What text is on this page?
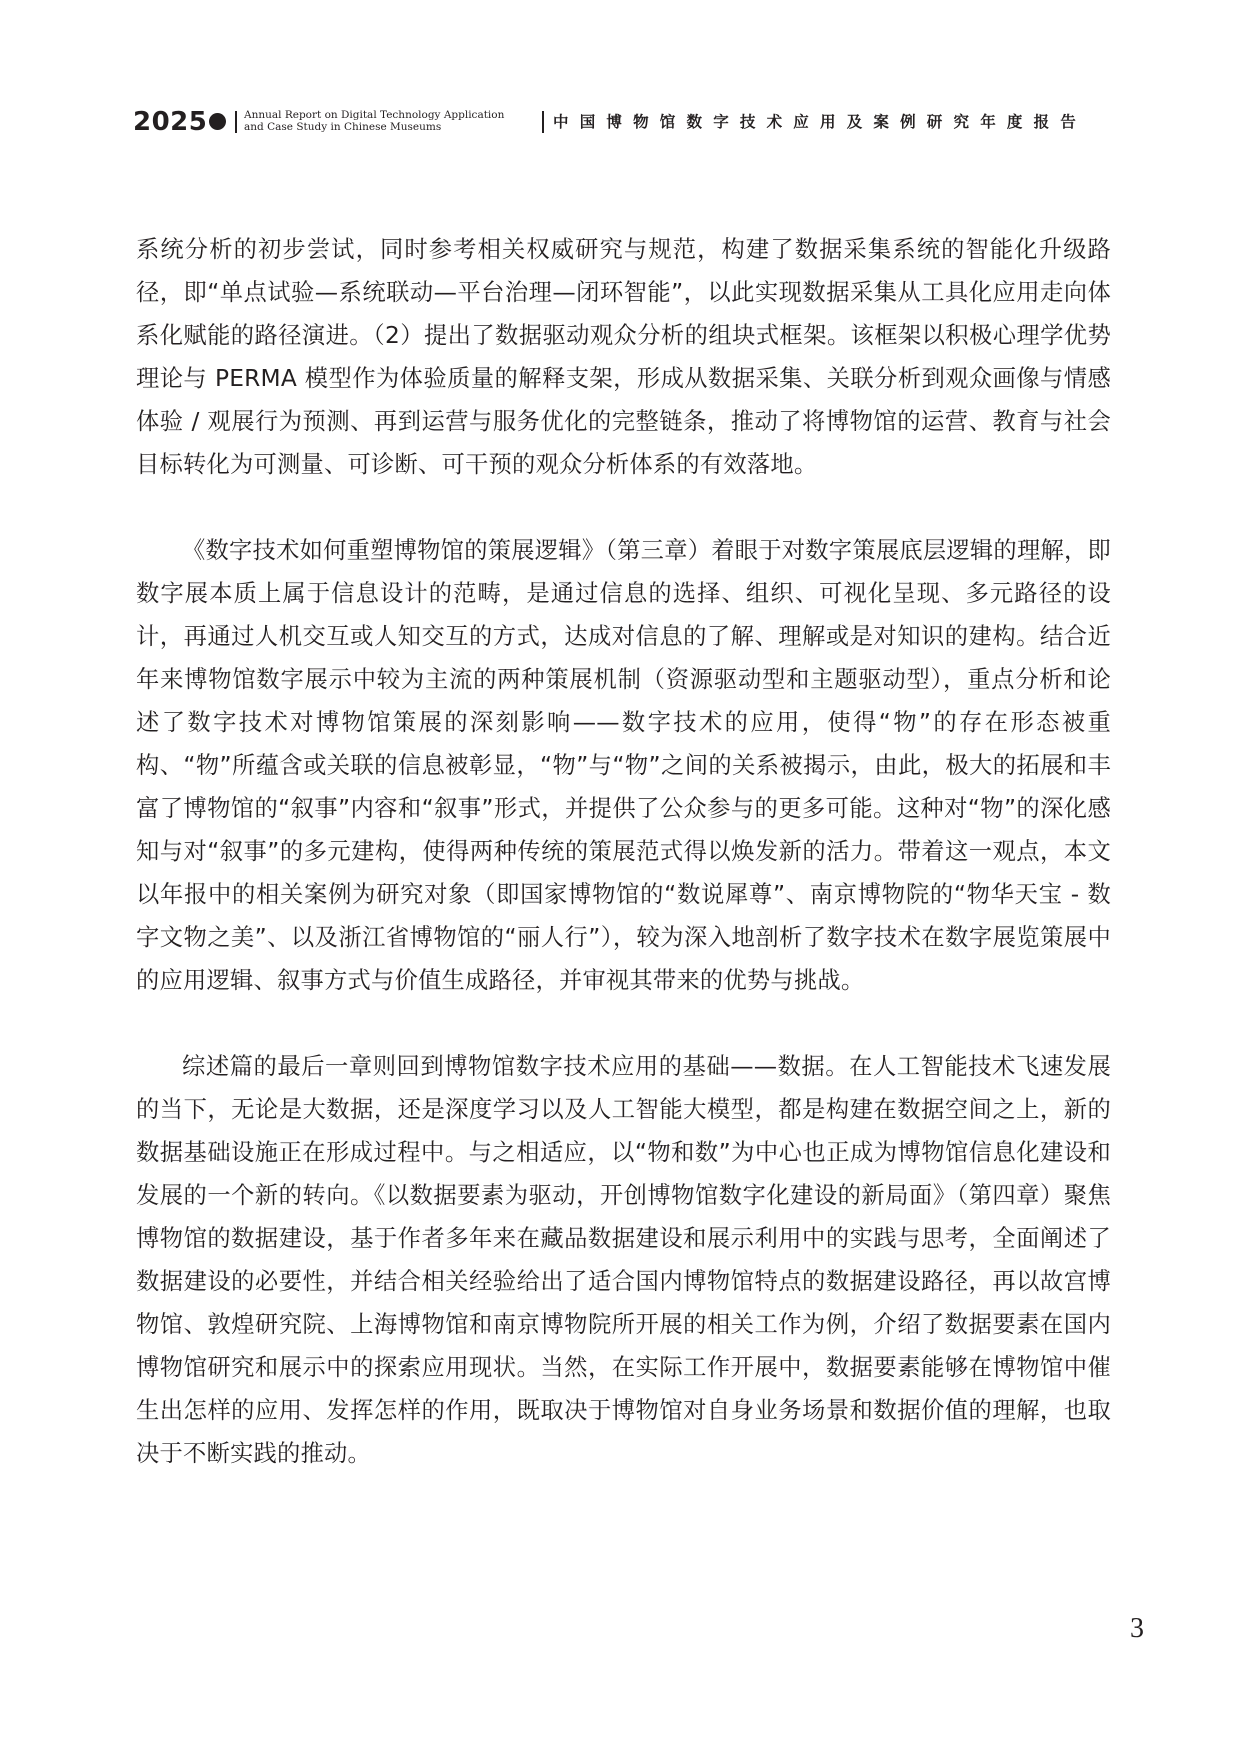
2025	Annual Report on Digital Technology Application
and Case Study in Chinese Museums	中国博物馆数字技术应用及案例研究年度报告

系统分析的初步尝试，同时参考相关权威研究与规范，构建了数据采集系统的智能化升级路径，即“单点试验—系统联动—平台治理—闭环智能”，以此实现数据采集从工具化应用走向体系化赋能的路径演进。（2）提出了数据驱动观众分析的组块式框架。该框架以积极心理学优势理论与 PERMA 模型作为体验质量的解释支架，形成从数据采集、关联分析到观众画像与情感体验 / 观展行为预测、再到运营与服务优化的完整链条，推动了将博物馆的运营、教育与社会目标转化为可测量、可诊断、可干预的观众分析体系的有效落地。

《数字技术如何重塑博物馆的策展逻辑》（第三章）着眼于对数字策展底层逻辑的理解，即数字展本质上属于信息设计的范畴，是通过信息的选择、组织、可视化呈现、多元路径的设计，再通过人机交互或人知交互的方式，达成对信息的了解、理解或是对知识的建构。结合近年来博物馆数字展示中较为主流的两种策展机制（资源驱动型和主题驱动型），重点分析和论述了数字技术对博物馆策展的深刻影响——数字技术的应用，使得“物”的存在形态被重构、“物”所蕴含或关联的信息被彰显，“物”与“物”之间的关系被揭示，由此，极大的拓展和丰富了博物馆的“叙事”内容和“叙事”形式，并提供了公众参与的更多可能。这种对“物”的深化感知与对“叙事”的多元建构，使得两种传统的策展范式得以焕发新的活力。带着这一观点，本文以年报中的相关案例为研究对象（即国家博物馆的“数说犀尊”、南京博物院的“物华天宝 - 数字文物之美”、以及浙江省博物馆的“丽人行”），较为深入地剖析了数字技术在数字展览策展中的应用逻辑、叙事方式与价值生成路径，并审视其带来的优势与挑战。

综述篇的最后一章则回到博物馆数字技术应用的基础——数据。在人工智能技术飞速发展的当下，无论是大数据，还是深度学习以及人工智能大模型，都是构建在数据空间之上，新的数据基础设施正在形成过程中。与之相适应，以“物和数”为中心也正成为博物馆信息化建设和发展的一个新的转向。《以数据要素为驱动，开创博物馆数字化建设的新局面》（第四章）聚焦博物馆的数据建设，基于作者多年来在藏品数据建设和展示利用中的实践与思考，全面阐述了数据建设的必要性，并结合相关经验给出了适合国内博物馆特点的数据建设路径，再以故宫博物馆、敦煌研究院、上海博物馆和南京博物院所开展的相关工作为例，介绍了数据要素在国内博物馆研究和展示中的探索应用现状。当然，在实际工作开展中，数据要素能够在博物馆中催生出怎样的应用、发挥怎样的作用，既取决于博物馆对自身业务场景和数据价值的理解，也取决于不断实践的推动。

3
